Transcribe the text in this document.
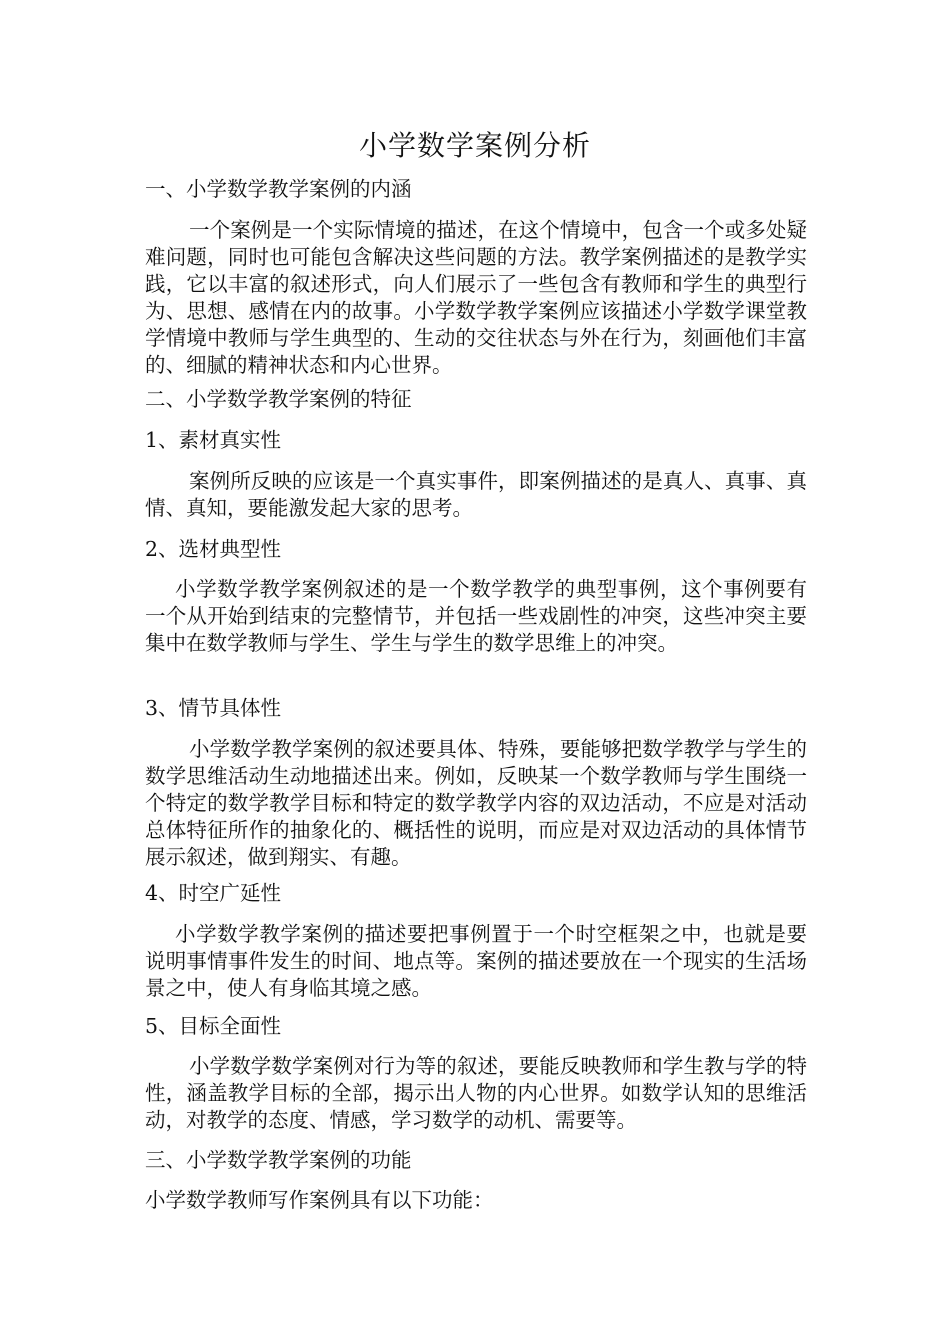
小学数学案例分析

一、小学数学教学案例的内涵

一个案例是一个实际情境的描述，在这个情境中，包含一个或多处疑难问题，同时也可能包含解决这些问题的方法。教学案例描述的是教学实践，它以丰富的叙述形式，向人们展示了一些包含有教师和学生的典型行为、思想、感情在内的故事。小学数学教学案例应该描述小学数学课堂教学情境中教师与学生典型的、生动的交往状态与外在行为，刻画他们丰富的、细腻的精神状态和内心世界。

二、小学数学教学案例的特征

1、素材真实性

案例所反映的应该是一个真实事件，即案例描述的是真人、真事、真情、真知，要能激发起大家的思考。

2、选材典型性

小学数学教学案例叙述的是一个数学教学的典型事例，这个事例要有一个从开始到结束的完整情节，并包括一些戏剧性的冲突，这些冲突主要集中在数学教师与学生、学生与学生的数学思维上的冲突。

3、情节具体性

小学数学教学案例的叙述要具体、特殊，要能够把数学教学与学生的数学思维活动生动地描述出来。例如，反映某一个数学教师与学生围绕一个特定的数学教学目标和特定的数学教学内容的双边活动，不应是对活动总体特征所作的抽象化的、概括性的说明，而应是对双边活动的具体情节展示叙述，做到翔实、有趣。

4、时空广延性

小学数学教学案例的描述要把事例置于一个时空框架之中，也就是要说明事情事件发生的时间、地点等。案例的描述要放在一个现实的生活场景之中，使人有身临其境之感。

5、目标全面性

小学数学数学案例对行为等的叙述，要能反映教师和学生教与学的特性，涵盖教学目标的全部，揭示出人物的内心世界。如数学认知的思维活动，对教学的态度、情感，学习数学的动机、需要等。

三、小学数学教学案例的功能

小学数学教师写作案例具有以下功能：
